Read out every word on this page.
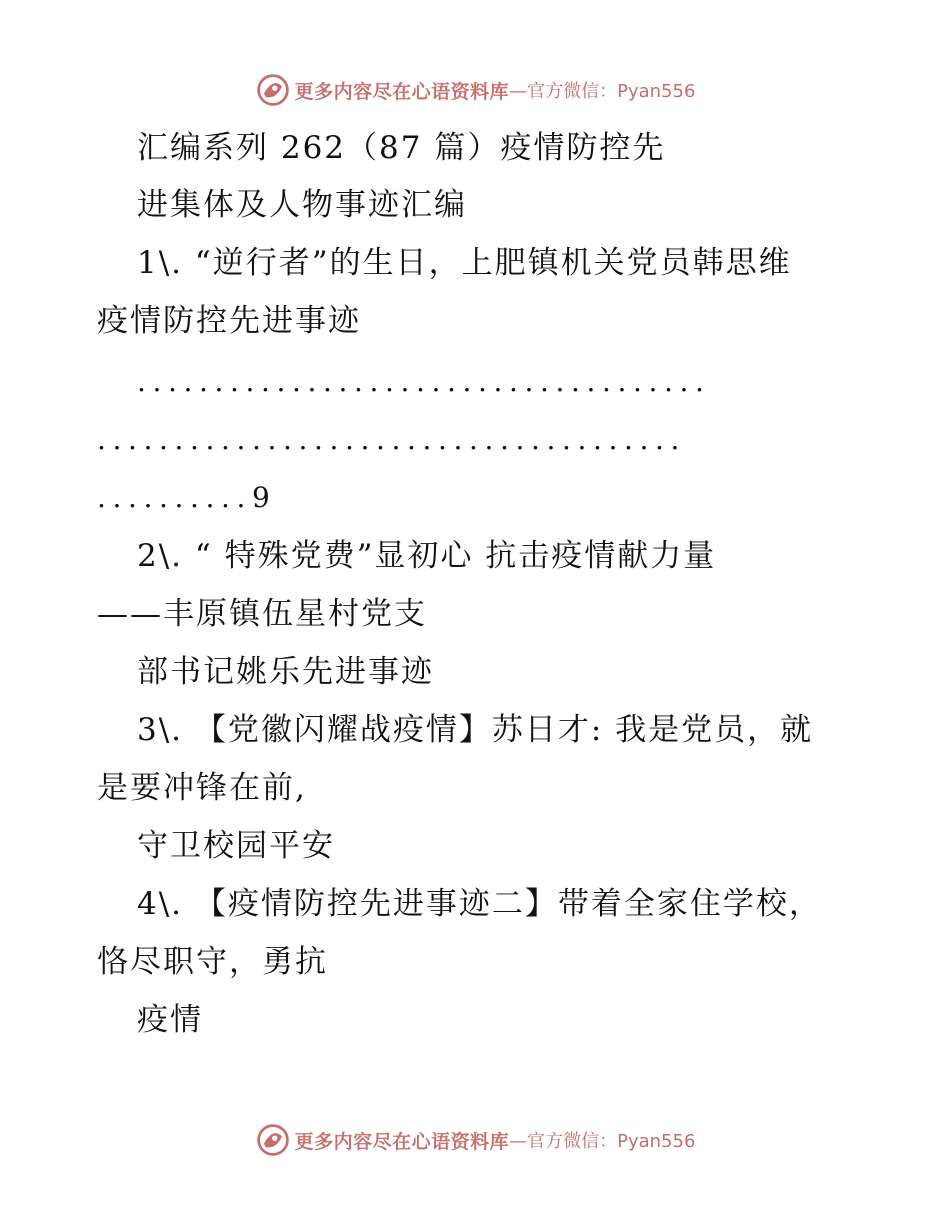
更多内容尽在心语资料库 —官方微信：Pyan556
汇编系列 262（87 篇）疫情防控先
进集体及人物事迹汇编
1\. “逆行者”的生日，上肥镇机关党员韩思维
疫情防控先进事迹
.....................................
......................................
..........9
2\. “ 特殊党费”显初心 抗击疫情献力量
——丰原镇伍星村党支
部书记姚乐先进事迹
3\. 【党徽闪耀战疫情】苏日才: 我是党员，就
是要冲锋在前,
守卫校园平安
4\. 【疫情防控先进事迹二】带着全家住学校，
恪尽职守，勇抗
疫情
更多内容尽在心语资料库 —官方微信：Pyan556
